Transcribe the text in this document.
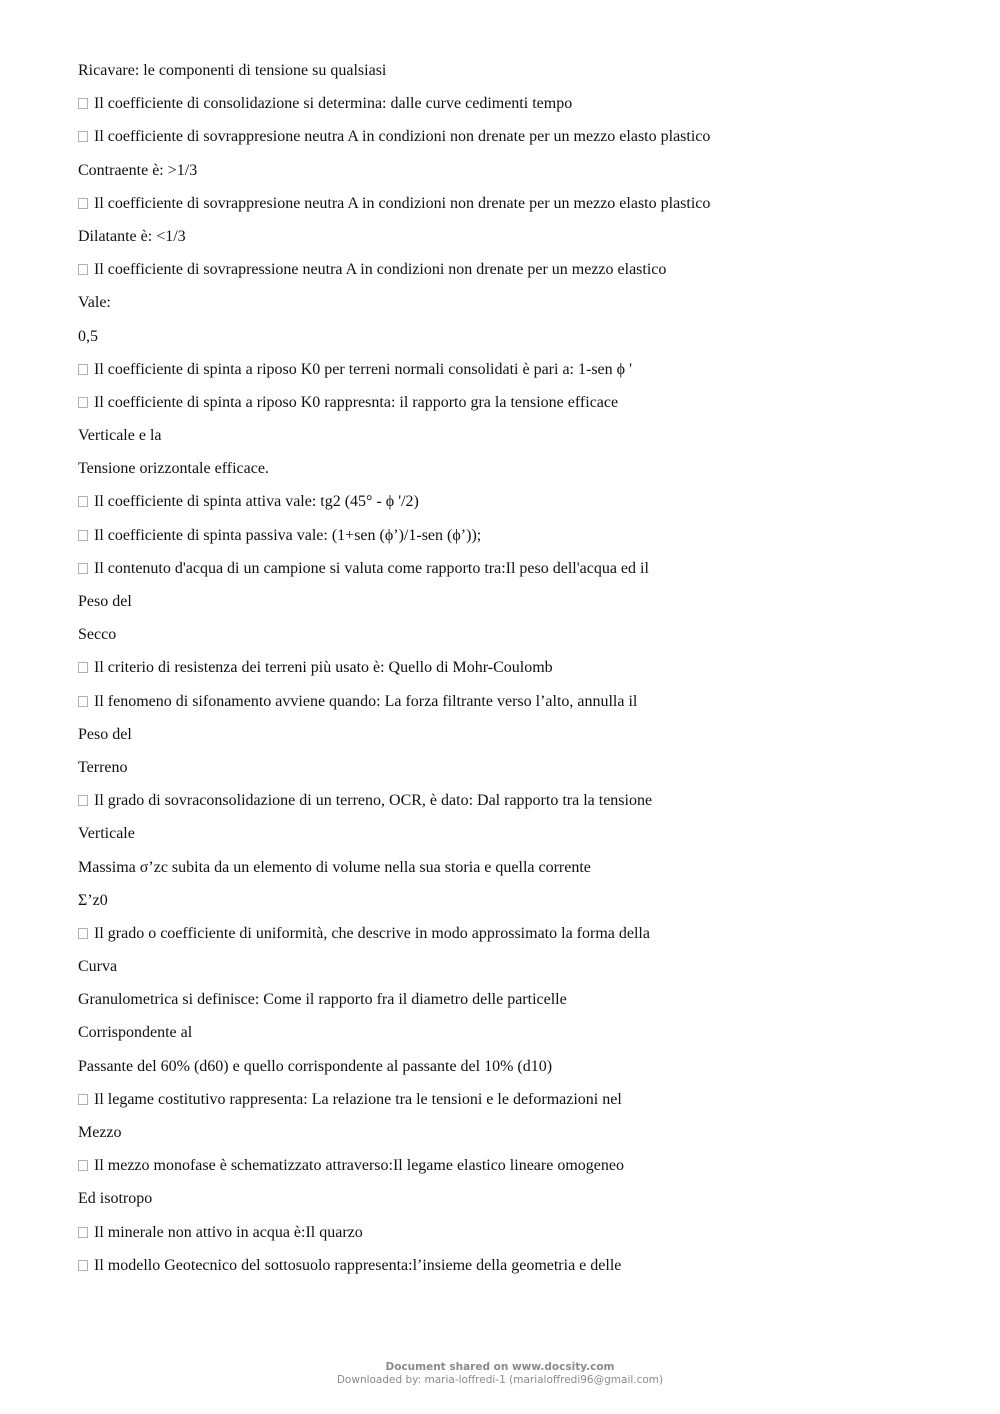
Ricavare: le componenti di tensione su qualsiasi
Il coefficiente di consolidazione si determina: dalle curve cedimenti tempo
Il coefficiente di sovrappresione neutra A in condizioni non drenate per un mezzo elasto plastico
Contraente è: >1/3
Il coefficiente di sovrappresione neutra A in condizioni non drenate per un mezzo elasto plastico
Dilatante è: <1/3
Il coefficiente di sovrapressione neutra A in condizioni non drenate per un mezzo elastico
Vale:
0,5
Il coefficiente di spinta a riposo K0 per terreni normali consolidati è pari a: 1-sen ϕ '
Il coefficiente di spinta a riposo K0 rappresnta: il rapporto gra la tensione efficace
Verticale e la
Tensione orizzontale efficace.
Il coefficiente di spinta attiva vale: tg2 (45° - ϕ '/2)
Il coefficiente di spinta passiva vale: (1+sen (ϕ’)/1-sen (ϕ’));
Il contenuto d'acqua di un campione si valuta come rapporto tra:Il peso dell'acqua ed il
Peso del
Secco
Il criterio di resistenza dei terreni più usato è: Quello di Mohr-Coulomb
Il fenomeno di sifonamento avviene quando: La forza filtrante verso l’alto, annulla il
Peso del
Terreno
Il grado di sovraconsolidazione di un terreno, OCR, è dato: Dal rapporto tra la tensione
Verticale
Massima σ’zc subita da un elemento di volume nella sua storia e quella corrente
Σ’z0
Il grado o coefficiente di uniformità, che descrive in modo approssimato la forma della
Curva
Granulometrica si definisce: Come il rapporto fra il diametro delle particelle
Corrispondente al
Passante del 60% (d60) e quello corrispondente al passante del 10% (d10)
Il legame costitutivo rappresenta: La relazione tra le tensioni e le deformazioni nel
Mezzo
Il mezzo monofase è schematizzato attraverso:Il legame elastico lineare omogeneo
Ed isotropo
Il minerale non attivo in acqua è:Il quarzo
Il modello Geotecnico del sottosuolo rappresenta:l’insieme della geometria e delle
Document shared on www.docsity.com
Downloaded by: maria-loffredi-1 (marialoffredi96@gmail.com)
